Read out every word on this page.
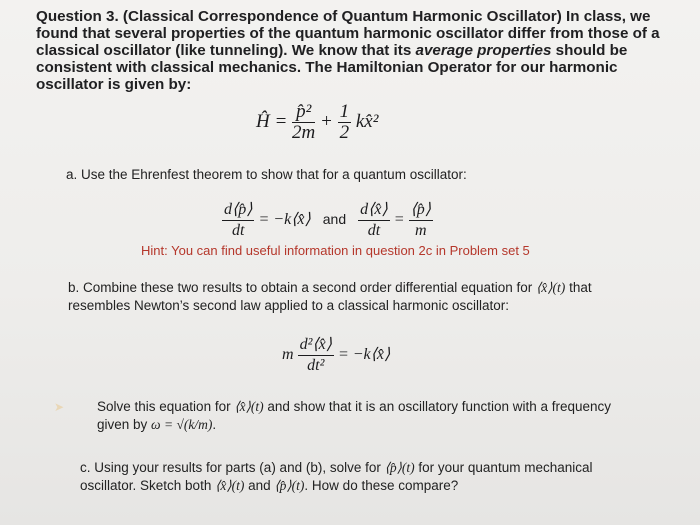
Question 3. (Classical Correspondence of Quantum Harmonic Oscillator) In class, we found that several properties of the quantum harmonic oscillator differ from those of a classical oscillator (like tunneling). We know that its average properties should be consistent with classical mechanics. The Hamiltonian Operator for our harmonic oscillator is given by:
Ĥ = $\frac{\text{p̂²}}{2m} + \frac{1}{2}$ kx̂²
a. Use the Ehrenfest theorem to show that for a quantum oscillator:
$\frac{d⟨p̂⟩}{dt}$ = −k⟨x̂⟩ and $\frac{d⟨x̂⟩}{dt} = \frac{⟨p̂⟩}{m}$
Hint: You can find useful information in question 2c in Problem set 5
b. Combine these two results to obtain a second order differential equation for ⟨x̂⟩(t) that resembles Newton’s second law applied to a classical harmonic oscillator:
m $\frac{\text{d²⟨x̂⟩}}{\text{dt²}}$ = −k⟨x̂⟩
➤ Solve this equation for ⟨x̂⟩(t) and show that it is an oscillatory function with a frequency given by ω = √(k/m).
c. Using your results for parts (a) and (b), solve for ⟨p̂⟩(t) for your quantum mechanical oscillator. Sketch both ⟨x̂⟩(t) and ⟨p̂⟩(t). How do these compare?
